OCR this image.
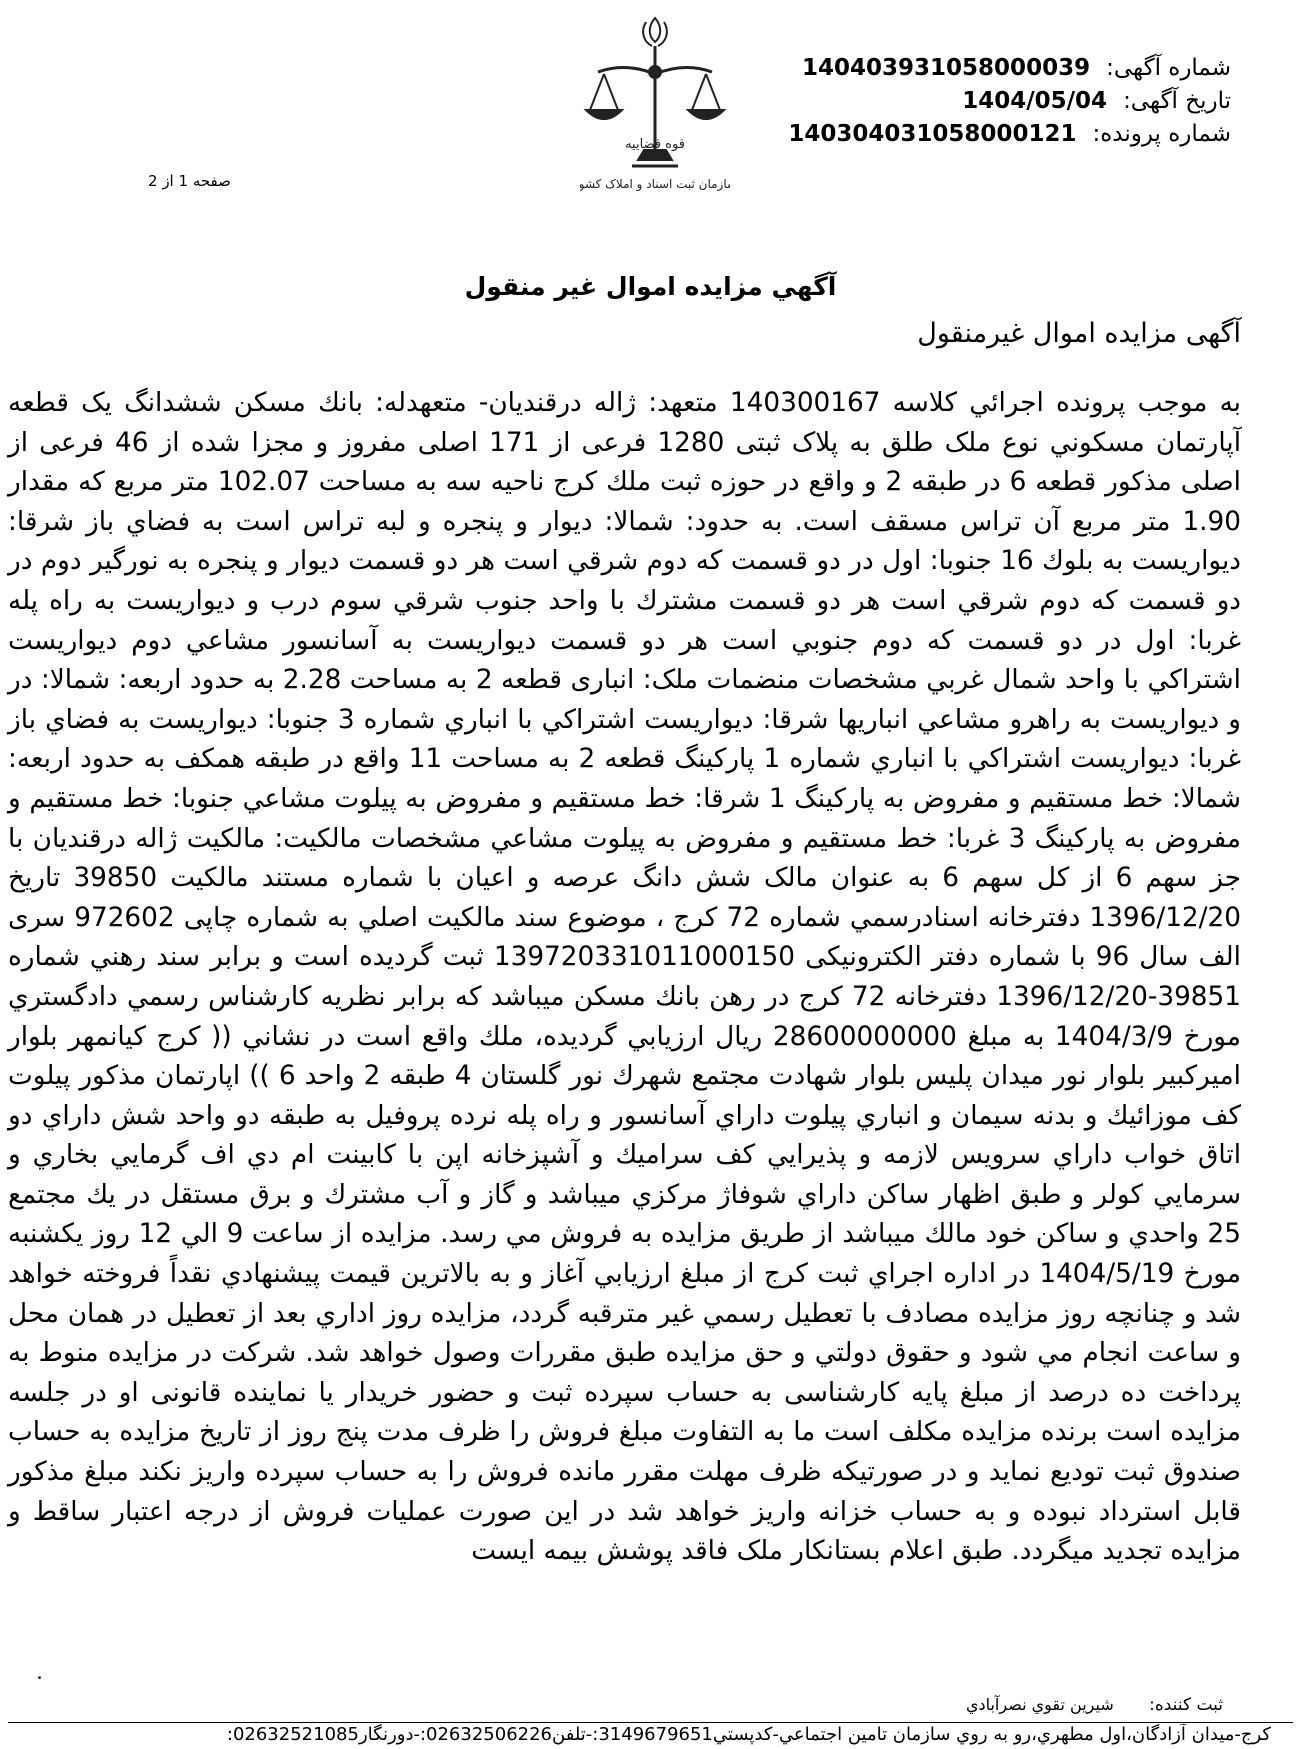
قوه قضاییه
سازمان ثبت اسناد و املاک کشور
صفحه 1 از 2
شماره آگهی: 140403931058000039
تاریخ آگهی: 1404/05/04
شماره پرونده: 140304031058000121
آگهي مزايده اموال غير منقول
آگهی مزایده اموال غیرمنقول
به موجب پرونده اجرائي كلاسه 140300167 متعهد: ژاله درقنديان- متعهدله: بانك مسكن ششدانگ يک قطعه آپارتمان مسكوني نوع ملک طلق به پلاک ثبتی 1280 فرعی از 171 اصلی مفروز و مجزا شده از 46 فرعی از اصلی مذکور قطعه 6 در طبقه 2 و واقع در حوزه ثبت ملك كرج ناحيه سه به مساحت 102.07 متر مربع كه مقدار 1.90 متر مربع آن تراس مسقف است. به حدود: شمالا: ديوار و پنجره و لبه تراس است به فضاي باز شرقا: ديواريست به بلوك 16 جنوبا: اول در دو قسمت كه دوم شرقي است هر دو قسمت ديوار و پنجره به نورگير دوم در دو قسمت كه دوم شرقي است هر دو قسمت مشترك با واحد جنوب شرقي سوم درب و ديواريست به راه پله غربا: اول در دو قسمت كه دوم جنوبي است هر دو قسمت ديواريست به آسانسور مشاعي دوم ديواريست اشتراكي با واحد شمال غربي مشخصات منضمات ملک: انباری قطعه 2 به مساحت 2.28 به حدود اربعه: شمالا: در و ديواريست به راهرو مشاعي انباريها شرقا: ديواريست اشتراكي با انباري شماره 3 جنوبا: ديواريست به فضاي باز غربا: ديواريست اشتراكي با انباري شماره 1 پاركينگ قطعه 2 به مساحت 11 واقع در طبقه همكف به حدود اربعه: شمالا: خط مستقيم و مفروض به پاركينگ 1 شرقا: خط مستقيم و مفروض به پيلوت مشاعي جنوبا: خط مستقيم و مفروض به پاركينگ 3 غربا: خط مستقيم و مفروض به پيلوت مشاعي مشخصات مالكيت: مالكيت ژاله درقنديان با جز سهم 6 از كل سهم 6 به عنوان مالک شش دانگ عرصه و اعيان با شماره مستند مالكيت 39850 تاريخ 1396/12/20 دفترخانه اسنادرسمي شماره 72 كرج ، موضوع سند مالكيت اصلي به شماره چاپی 972602 سری الف سال 96 با شماره دفتر الکترونیکی 139720331011000150 ثبت گرديده است و برابر سند رهني شماره 39851-1396/12/20 دفترخانه 72 كرج در رهن بانك مسكن ميباشد كه برابر نظريه كارشناس رسمي دادگستري مورخ 1404/3/9 به مبلغ 28600000000 ريال ارزيابي گرديده، ملك واقع است در نشاني (( كرج كيانمهر بلوار اميركبير بلوار نور ميدان پليس بلوار شهادت مجتمع شهرك نور گلستان 4 طبقه 2 واحد 6 )) اپارتمان مذكور پيلوت كف موزائيك و بدنه سيمان و انباري پيلوت داراي آسانسور و راه پله نرده پروفيل به طبقه دو واحد شش داراي دو اتاق خواب داراي سرويس لازمه و پذيرايي كف سراميك و آشپزخانه اپن با كابينت ام دي اف گرمايي بخاري و سرمايي كولر و طبق اظهار ساكن داراي شوفاژ مركزي ميباشد و گاز و آب مشترك و برق مستقل در يك مجتمع 25 واحدي و ساكن خود مالك ميباشد از طريق مزايده به فروش مي رسد. مزايده از ساعت 9 الي 12 روز يكشنبه مورخ 1404/5/19 در اداره اجراي ثبت كرج از مبلغ ارزيابي آغاز و به بالاترين قيمت پيشنهادي نقداً فروخته خواهد شد و چنانچه روز مزايده مصادف با تعطيل رسمي غير مترقبه گردد، مزايده روز اداري بعد از تعطيل در همان محل و ساعت انجام مي شود و حقوق دولتي و حق مزايده طبق مقررات وصول خواهد شد. شرکت در مزایده منوط به پرداخت ده درصد از مبلغ پایه کارشناسی به حساب سپرده ثبت و حضور خریدار یا نماینده قانونی او در جلسه مزایده است برنده مزایده مکلف است ما به التفاوت مبلغ فروش را ظرف مدت پنج روز از تاریخ مزایده به حساب صندوق ثبت تودیع نماید و در صورتیکه ظرف مهلت مقرر مانده فروش را به حساب سپرده واریز نکند مبلغ مذکور قابل استرداد نبوده و به حساب خزانه واریز خواهد شد در این صورت عملیات فروش از درجه اعتبار ساقط و مزایده تجدید میگردد. طبق اعلام بستانكار ملک فاقد پوشش بيمه ايست
.
ثبت کننده: شيرين تقوي نصرآبادي
كرج-ميدان آزادگان،اول مطهري،رو به روي سازمان تامين اجتماعي-كدپستي3149679651:-تلفن02632506226:-دورنگار02632521085:
